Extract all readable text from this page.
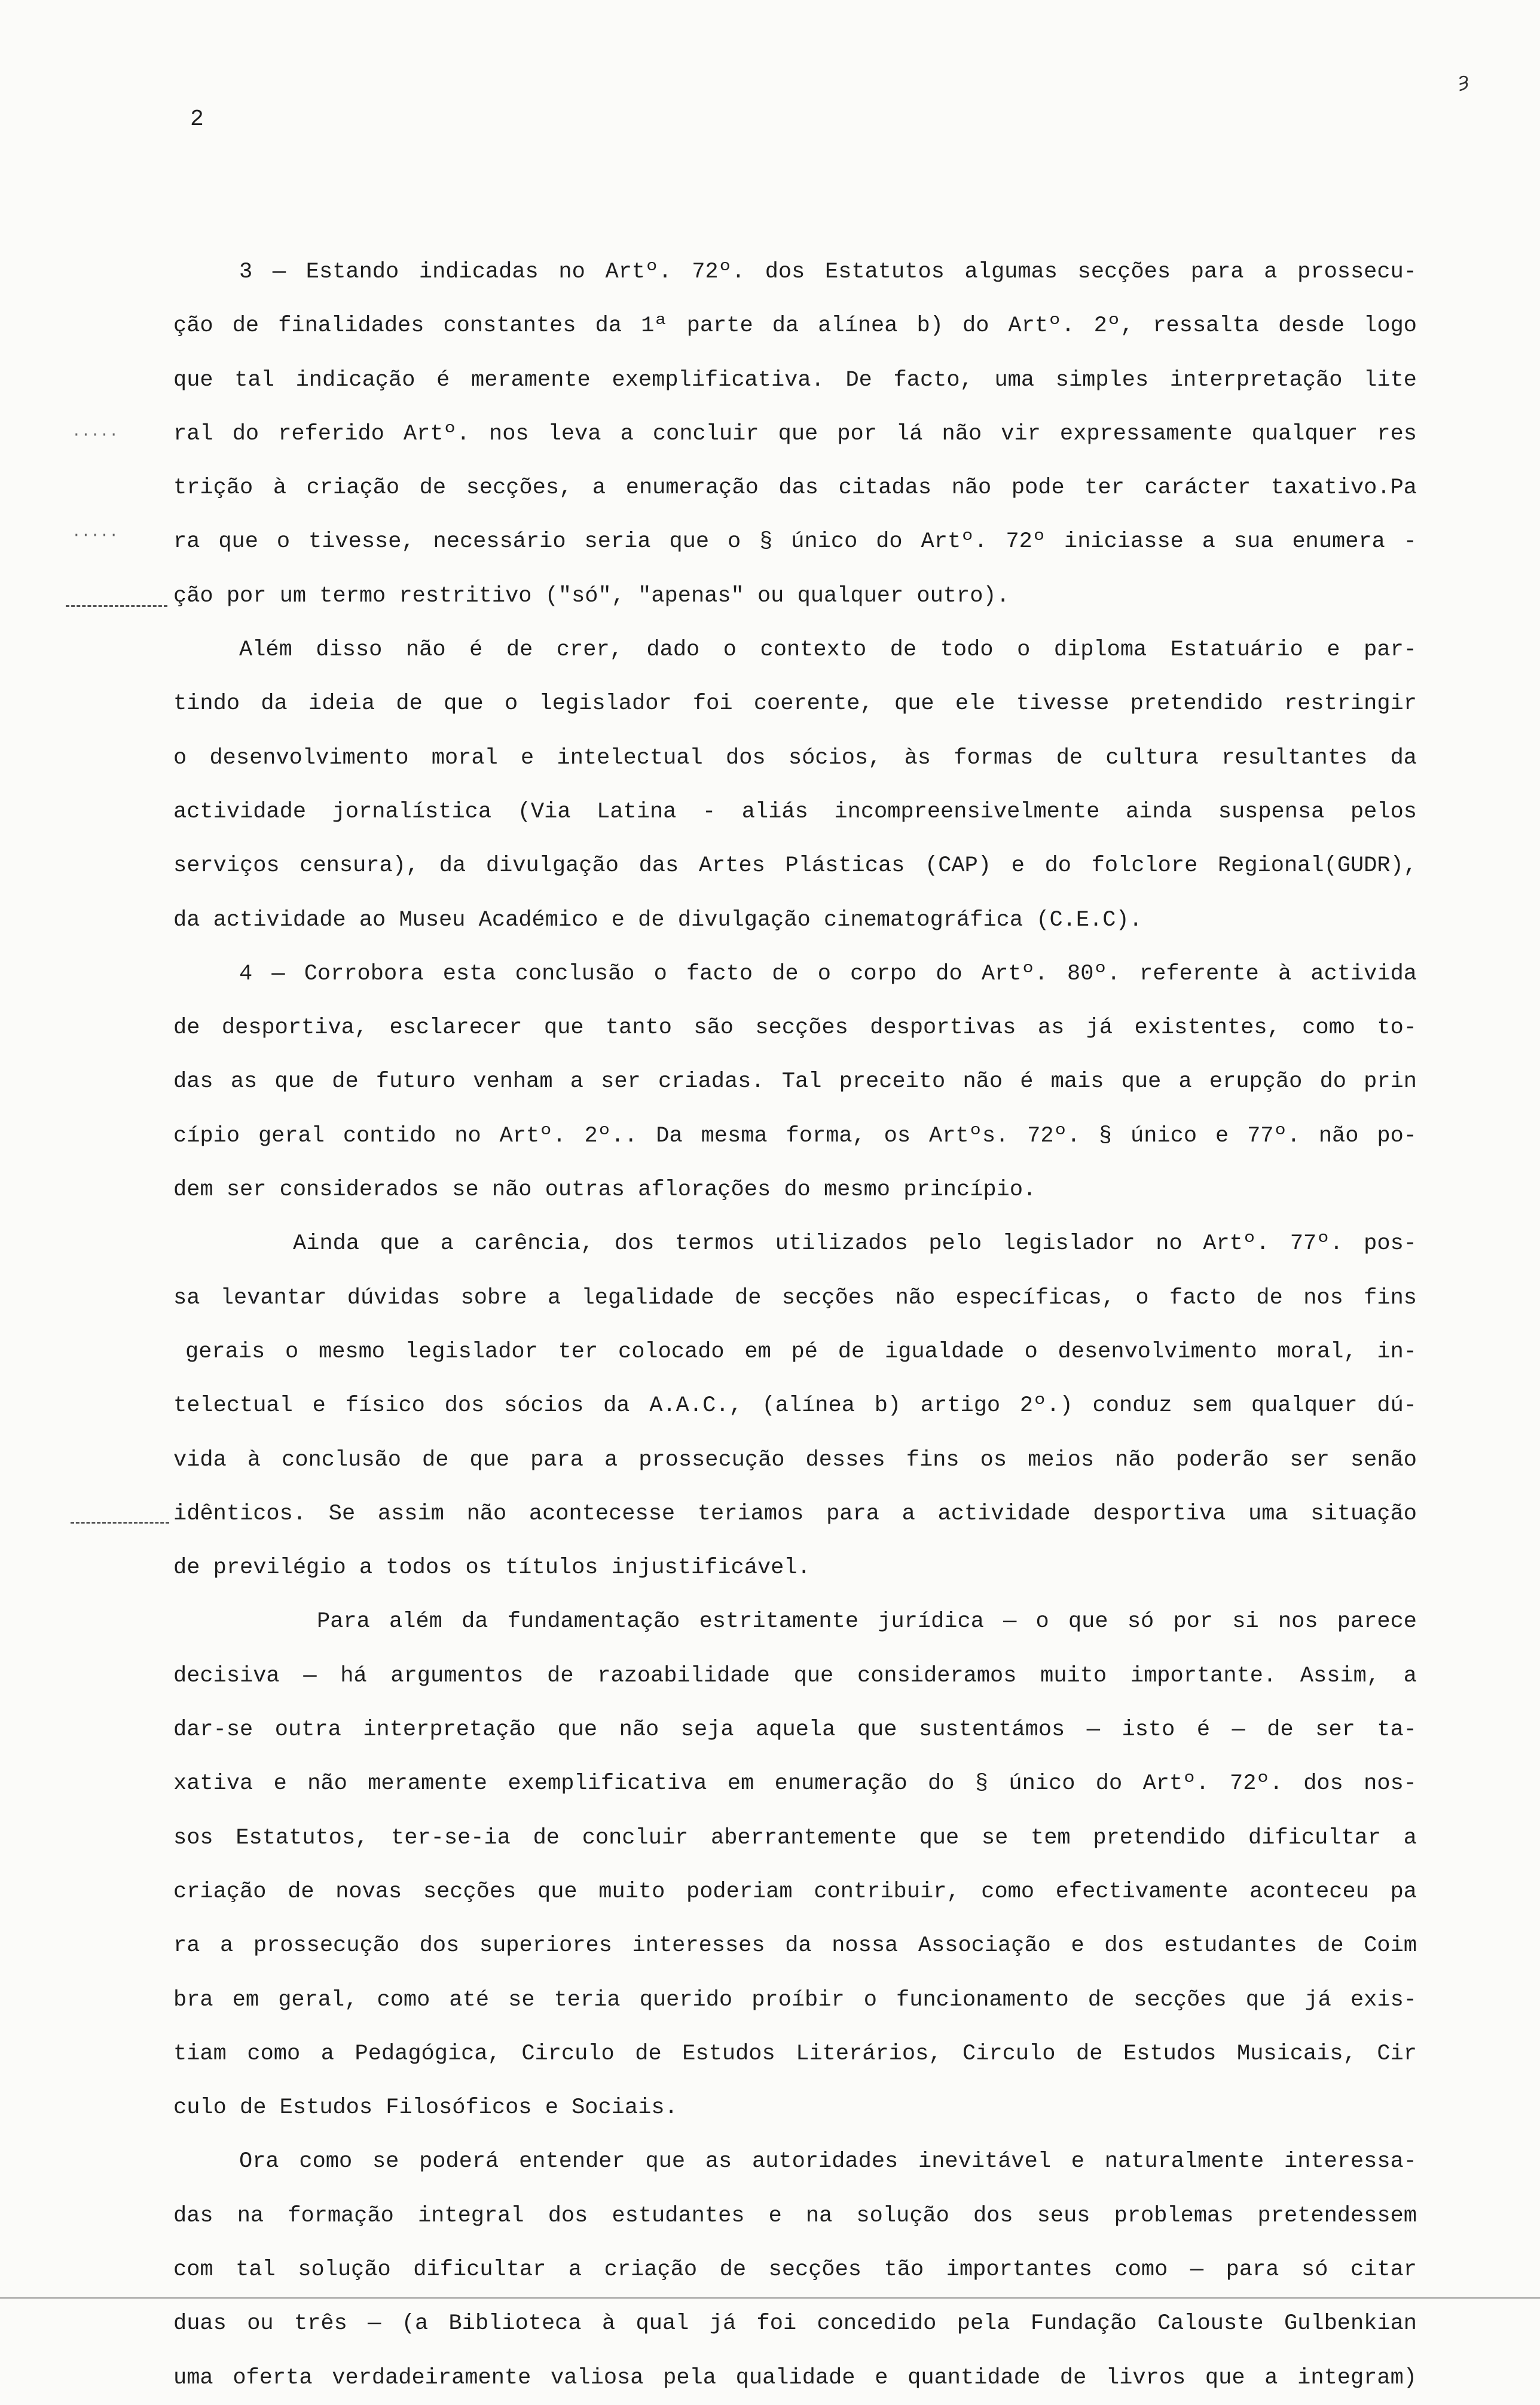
2
ȝ
·····
·····
3 — Estando indicadas no Artº. 72º. dos Estatutos algumas secções para a prossecu-
ção de finalidades constantes da 1ª parte da alínea b) do Artº. 2º, ressalta desde logo
que tal indicação é meramente exemplificativa. De facto, uma simples interpretação lite
ral do referido Artº. nos leva a concluir que por lá não vir expressamente qualquer res
trição à criação de secções, a enumeração das citadas não pode ter carácter taxativo.Pa
ra que o tivesse, necessário seria que o § único do Artº. 72º iniciasse a sua enumera -
ção por um termo restritivo ("só", "apenas" ou qualquer outro).
Além disso não é de crer, dado o contexto de todo o diploma Estatuário e par-
tindo da ideia de que o legislador foi coerente, que ele tivesse pretendido restringir
o desenvolvimento moral e intelectual dos sócios, às formas de cultura resultantes da
actividade jornalística (Via Latina - aliás incompreensivelmente ainda suspensa pelos
serviços censura), da divulgação das Artes Plásticas (CAP) e do folclore Regional(GUDR),
da actividade ao Museu Académico e de divulgação cinematográfica (C.E.C).
4 — Corrobora esta conclusão o facto de o corpo do Artº. 80º. referente à activida
de desportiva, esclarecer que tanto são secções desportivas as já existentes, como to-
das as que de futuro venham a ser criadas. Tal preceito não é mais que a erupção do prin
cípio geral contido no Artº. 2º.. Da mesma forma, os Artºs. 72º. § único e 77º. não po-
dem ser considerados se não outras aflorações do mesmo princípio.
Ainda que a carência, dos termos utilizados pelo legislador no Artº. 77º. pos-
sa levantar dúvidas sobre a legalidade de secções não específicas, o facto de nos fins
gerais o mesmo legislador ter colocado em pé de igualdade o desenvolvimento moral, in-
telectual e físico dos sócios da A.A.C., (alínea b) artigo 2º.) conduz sem qualquer dú-
vida à conclusão de que para a prossecução desses fins os meios não poderão ser senão
idênticos. Se assim não acontecesse teriamos para a actividade desportiva uma situação
de previlégio a todos os títulos injustificável.
Para além da fundamentação estritamente jurídica — o que só por si nos parece
decisiva — há argumentos de razoabilidade que consideramos muito importante. Assim, a
dar-se outra interpretação que não seja aquela que sustentámos — isto é — de ser ta-
xativa e não meramente exemplificativa em enumeração do § único do Artº. 72º. dos nos-
sos Estatutos, ter-se-ia de concluir aberrantemente que se tem pretendido dificultar a
criação de novas secções que muito poderiam contribuir, como efectivamente aconteceu pa
ra a prossecução dos superiores interesses da nossa Associação e dos estudantes de Coim
bra em geral, como até se teria querido proíbir o funcionamento de secções que já exis-
tiam como a Pedagógica, Circulo de Estudos Literários, Circulo de Estudos Musicais, Cir
culo de Estudos Filosóficos e Sociais.
Ora como se poderá entender que as autoridades inevitável e naturalmente interessa-
das na formação integral dos estudantes e na solução dos seus problemas pretendessem
com tal solução dificultar a criação de secções tão importantes como — para só citar
duas ou três — (a Biblioteca à qual já foi concedido pela Fundação Calouste Gulbenkian
uma oferta verdadeiramente valiosa pela qualidade e quantidade de livros que a integram)
